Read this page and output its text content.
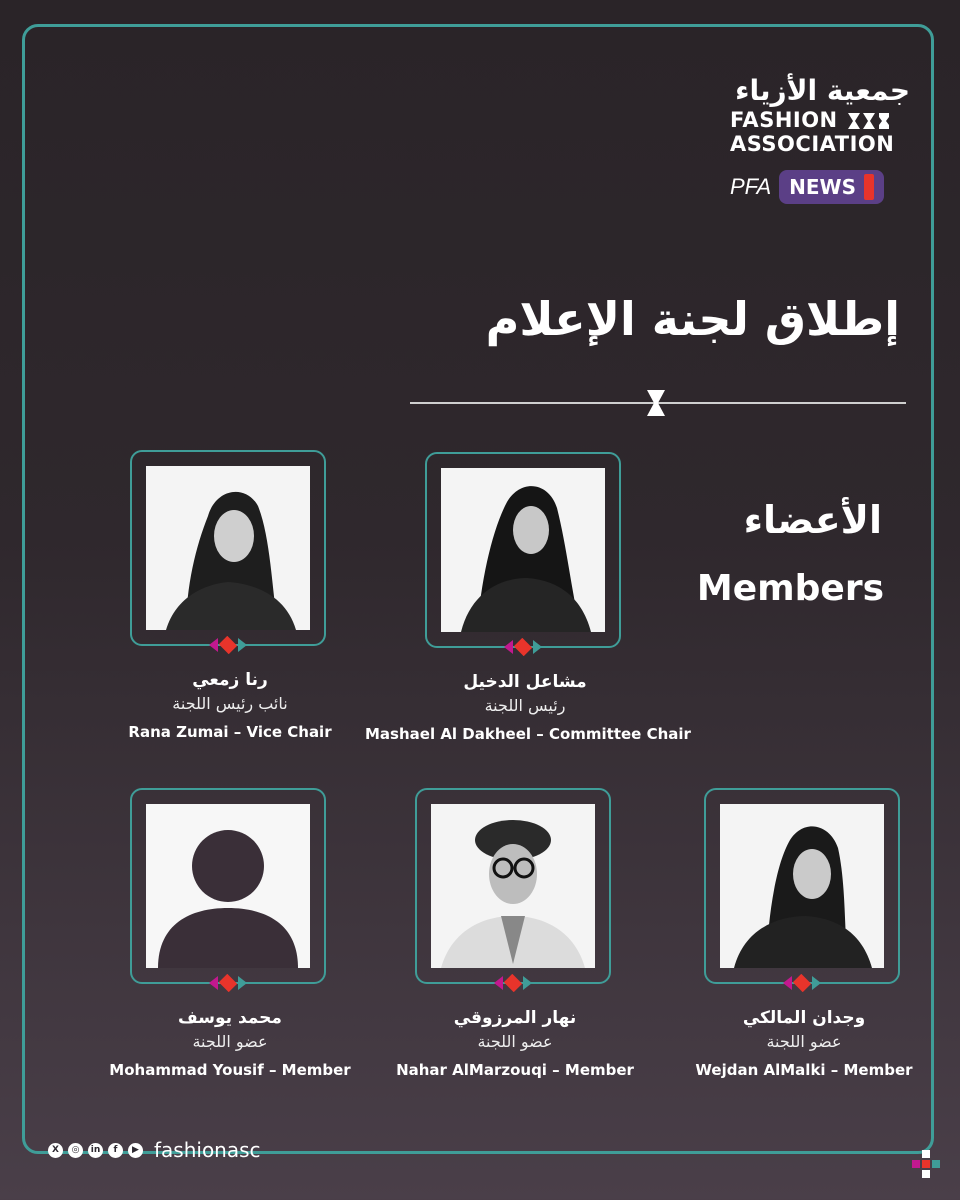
جمعية الأزياء
FASHION
ASSOCIATION
PFA NEWS
إطلاق لجنة الإعلام
الأعضاء
Members
رنا زمعي
نائب رئيس اللجنة
Rana Zumai – Vice Chair
مشاعل الدخيل
رئيس اللجنة
Mashael Al Dakheel – Committee Chair
محمد يوسف
عضو اللجنة
Mohammad Yousif – Member
نهار المرزوقي
عضو اللجنة
Nahar AlMarzouqi – Member
وجدان المالكي
عضو اللجنة
Wejdan AlMalki – Member
X	◎	in	f	▶ fashionasc
